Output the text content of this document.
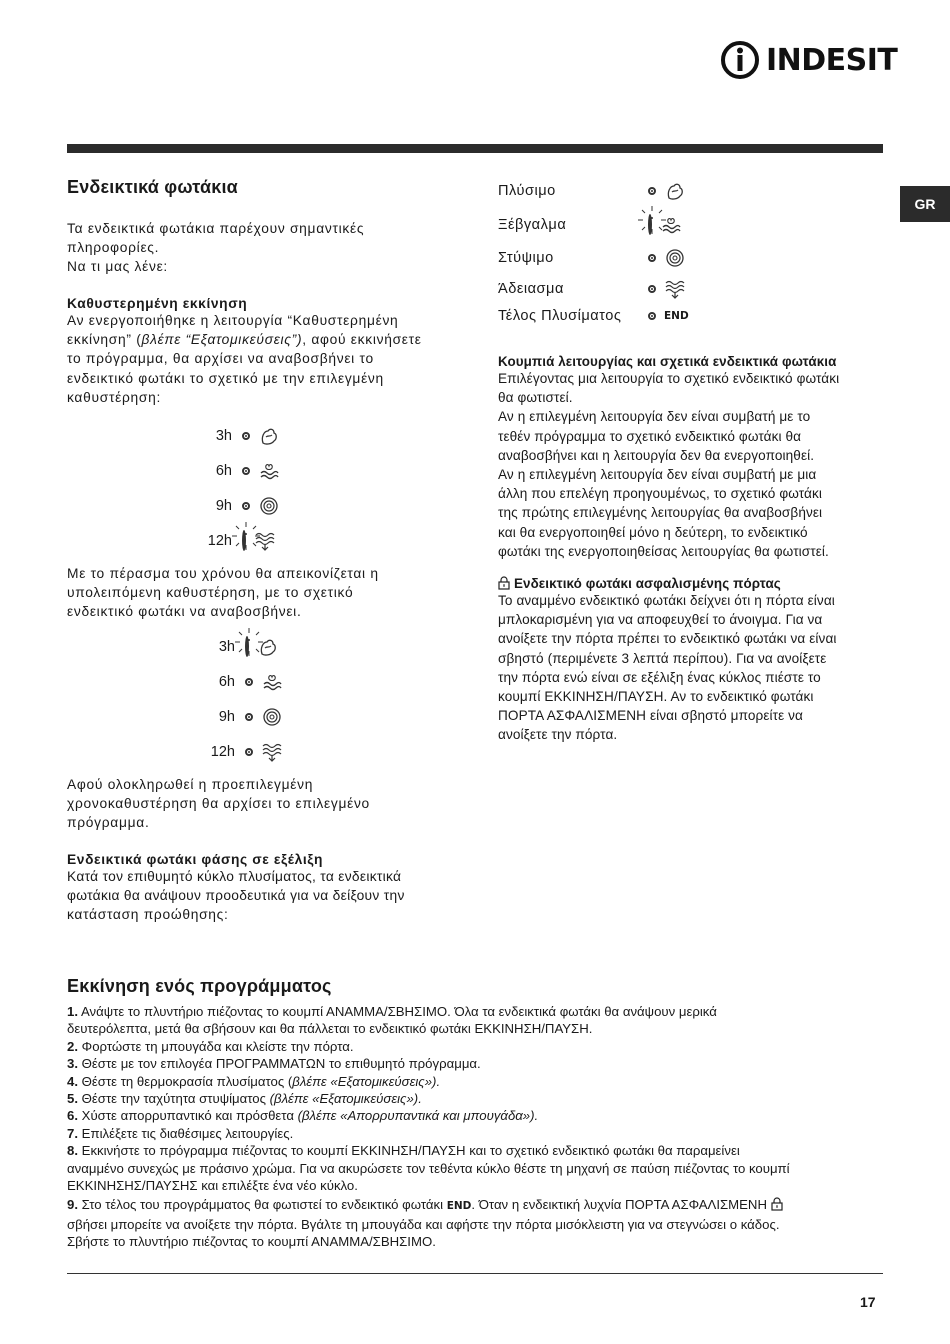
INDESIT
GR
Ενδεικτικά φωτάκια

Τα ενδεικτικά φωτάκια παρέχουν σημαντικές

πληροφορίες.

Να τι μας λένε:

Καθυστερημένη εκκίνηση

Αν ενεργοποιήθηκε η λειτουργία “Καθυστερημένη

εκκίνηση” (βλέπε “Εξατομικεύσεις”), αφού εκκινήσετε

το πρόγραμμα, θα αρχίσει να αναβοσβήνει το

ενδεικτικό φωτάκι το σχετικό με την επιλεγμένη

καθυστέρηση:

3h
6h
9h
12h

Με το πέρασμα του χρόνου θα απεικονίζεται η

υπολειπόμενη καθυστέρηση, με το σχετικό

ενδεικτικό φωτάκι να αναβοσβήνει.

3h
6h
9h
12h

Αφού ολοκληρωθεί η προεπιλεγμένη

χρονοκαθυστέρηση θα αρχίσει το επιλεγμένο

πρόγραμμα.

Ενδεικτικά φωτάκι φάσης σε εξέλιξη

Κατά τον επιθυμητό κύκλο πλυσίματος, τα ενδεικτικά

φωτάκια θα ανάψουν προοδευτικά για να δείξουν την

κατάσταση προώθησης:

Πλύσιμο
Ξέβγαλμα
Στύψιμο
Άδειασμα
Τέλος Πλυσίματος	END

Κουμπιά λειτουργίας και σχετικά ενδεικτικά φωτάκια

Επιλέγοντας μια λειτουργία το σχετικό ενδεικτικό φωτάκι

θα φωτιστεί.

Αν η επιλεγμένη λειτουργία δεν είναι συμβατή με το

τεθέν πρόγραμμα το σχετικό ενδεικτικό φωτάκι θα

αναβοσβήνει και η λειτουργία δεν θα ενεργοποιηθεί.

Αν η επιλεγμένη λειτουργία δεν είναι συμβατή με μια

άλλη που επελέγη προηγουμένως, το σχετικό φωτάκι

της πρώτης επιλεγμένης λειτουργίας θα αναβοσβήνει

και θα ενεργοποιηθεί μόνο η δεύτερη, το ενδεικτικό

φωτάκι της ενεργοποιηθείσας λειτουργίας θα φωτιστεί.

Ενδεικτικό φωτάκι ασφαλισμένης πόρτας

Το αναμμένο ενδεικτικό φωτάκι δείχνει ότι η πόρτα είναι

μπλοκαρισμένη για να αποφευχθεί το άνοιγμα. Για να

ανοίξετε την πόρτα πρέπει το ενδεικτικό φωτάκι να είναι

σβηστό (περιμένετε 3 λεπτά περίπου). Για να ανοίξετε

την πόρτα ενώ είναι σε εξέλιξη ένας κύκλος πιέστε το

κουμπί ΕΚΚΙΝΗΣΗ/ΠΑΥΣΗ. Αν το ενδεικτικό φωτάκι

ΠΟΡΤΑ ΑΣΦΑΛΙΣΜΕΝΗ είναι σβηστό μπορείτε να

ανοίξετε την πόρτα.

Εκκίνηση ενός προγράμματος

1. Ανάψτε το πλυντήριο πιέζοντας το κουμπί ΑΝΑΜΜΑ/ΣΒΗΣΙΜΟ. Όλα τα ενδεικτικά φωτάκι θα ανάψουν μερικά

δευτερόλεπτα, μετά θα σβήσουν και θα πάλλεται το ενδεικτικό φωτάκι ΕΚΚΙΝΗΣΗ/ΠΑΥΣΗ.

2. Φορτώστε τη μπουγάδα και κλείστε την πόρτα.

3. Θέστε με τον επιλογέα ΠΡΟΓΡΑΜΜΑΤΩΝ το επιθυμητό πρόγραμμα.

4. Θέστε τη θερμοκρασία πλυσίματος (βλέπε «Εξατομικεύσεις»).

5. Θέστε την ταχύτητα στυψίματος (βλέπε «Εξατομικεύσεις»).

6. Χύστε απορρυπαντικό και πρόσθετα (βλέπε «Απορρυπαντικά και μπουγάδα»).

7. Επιλέξετε τις διαθέσιμες λειτουργίες.

8. Εκκινήστε το πρόγραμμα πιέζοντας το κουμπί ΕΚΚΙΝΗΣΗ/ΠΑΥΣΗ και το σχετικό ενδεικτικό φωτάκι θα παραμείνει

αναμμένο συνεχώς με πράσινο χρώμα. Για να ακυρώσετε τον τεθέντα κύκλο θέστε τη μηχανή σε παύση πιέζοντας το κουμπί

ΕΚΚΙΝΗΣΗΣ/ΠΑΥΣΗΣ και επιλέξτε ένα νέο κύκλο.

9. Στο τέλος του προγράμματος θα φωτιστεί το ενδεικτικό φωτάκι END. Όταν η ενδεικτική λυχνία ΠΟΡΤΑ ΑΣΦΑΛΙΣΜΕΝΗ

σβήσει μπορείτε να ανοίξετε την πόρτα. Βγάλτε τη μπουγάδα και αφήστε την πόρτα μισόκλειστη για να στεγνώσει ο κάδος.

Σβήστε το πλυντήριο πιέζοντας το κουμπί ΑΝΑΜΜΑ/ΣΒΗΣΙΜΟ.

17
